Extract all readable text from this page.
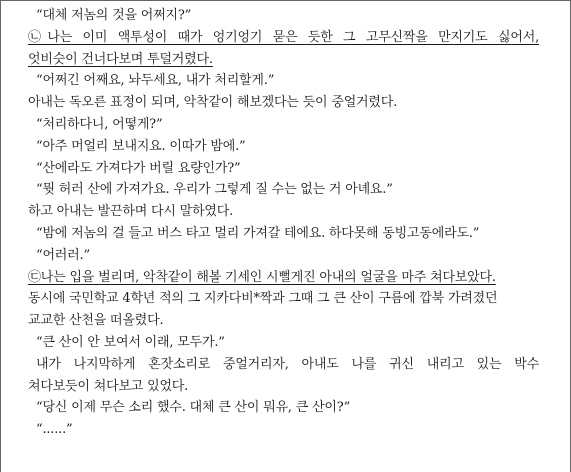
“대체 저놈의 것을 어쩌지?”
㉡나는 이미 액투성이 때가 엉기엉기 묻은 듯한 그 고무신짝을 만지기도 싫어서,
엇비슷이 건너다보며 투덜거렸다.
“어쩌긴 어째요, 놔두세요, 내가 처리할게.”
아내는 독오른 표정이 되며, 악착같이 해보겠다는 듯이 중얼거렸다.
“처리하다니, 어떻게?”
“아주 머얼리 보내지요. 이따가 밤에.”
“산에라도 가져다가 버릴 요량인가?”
“뭣 허러 산에 가져가요. 우리가 그렇게 질 수는 없는 거 아녜요.”
하고 아내는 발끈하며 다시 말하였다.
“밤에 저놈의 걸 들고 버스 타고 멀리 가져갈 테에요. 하다못해 동빙고동에라도.”
“어러러.”
㉢나는 입을 벌리며, 악착같이 해볼 기세인 시뻘게진 아내의 얼굴을 마주 쳐다보았다.
동시에 국민학교 4학년 적의 그 지카다비*짝과 그때 그 큰 산이 구름에 깝북 가려졌던
교교한 산천을 떠올렸다.
“큰 산이 안 보여서 이래, 모두가.”
내가 나지막하게 혼잣소리로 중얼거리자, 아내도 나를 귀신 내리고 있는 박수
쳐다보듯이 쳐다보고 있었다.
“당신 이제 무슨 소리 했수. 대체 큰 산이 뭐유, 큰 산이?”
“......”
